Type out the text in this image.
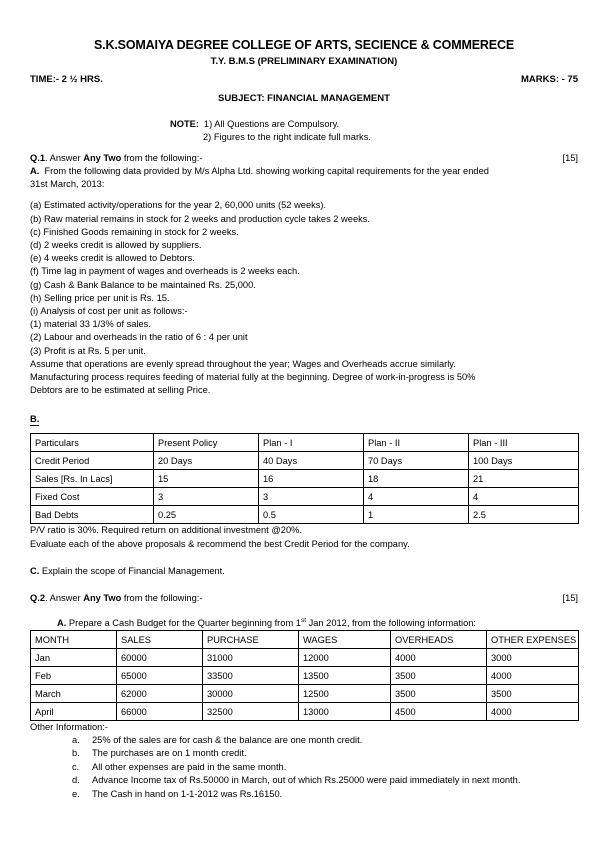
S.K.SOMAIYA DEGREE COLLEGE OF ARTS, SECIENCE & COMMERECE
T.Y. B.M.S (PRELIMINARY EXAMINATION)
TIME:- 2 ½ HRS.	MARKS: - 75
SUBJECT: FINANCIAL MANAGEMENT
NOTE: 1) All Questions are Compulsory.
2) Figures to the right indicate full marks.
Q.1. Answer Any Two from the following:-	[15]
A. From the following data provided by M/s Alpha Ltd. showing working capital requirements for the year ended
31st March, 2013:
(a) Estimated activity/operations for the year 2, 60,000 units (52 weeks).
(b) Raw material remains in stock for 2 weeks and production cycle takes 2 weeks.
(c) Finished Goods remaining in stock for 2 weeks.
(d) 2 weeks credit is allowed by suppliers.
(e) 4 weeks credit is allowed to Debtors.
(f) Time lag in payment of wages and overheads is 2 weeks each.
(g) Cash & Bank Balance to be maintained Rs. 25,000.
(h) Selling price per unit is Rs. 15.
(i) Analysis of cost per unit as follows:-
(1) material 33 1/3% of sales.
(2) Labour and overheads in the ratio of 6 : 4 per unit
(3) Profit is at Rs. 5 per unit.
Assume that operations are evenly spread throughout the year; Wages and Overheads accrue similarly.
Manufacturing process requires feeding of material fully at the beginning. Degree of work-in-progress is 50%
Debtors are to be estimated at selling Price.
B.
Particulars	Present Policy	Plan - I	Plan - II	Plan - III
Credit Period	20 Days	40 Days	70 Days	100 Days
Sales [Rs. In Lacs]	15	16	18	21
Fixed Cost	3	3	4	4
Bad Debts	0.25	0.5	1	2.5
P/V ratio is 30%. Required return on additional investment @20%.
Evaluate each of the above proposals & recommend the best Credit Period for the company.
C. Explain the scope of Financial Management.
Q.2. Answer Any Two from the following:-	[15]
A. Prepare a Cash Budget for the Quarter beginning from 1st Jan 2012, from the following information:
MONTH	SALES	PURCHASE	WAGES	OVERHEADS	OTHER EXPENSES
Jan	60000	31000	12000	4000	3000
Feb	65000	33500	13500	3500	4000
March	62000	30000	12500	3500	3500
April	66000	32500	13000	4500	4000
Other Information:-
a.	25% of the sales are for cash & the balance are one month credit.
b.	The purchases are on 1 month credit.
c.	All other expenses are paid in the same month.
d.	Advance Income tax of Rs.50000 in March, out of which Rs.25000 were paid immediately in next month.
e.	The Cash in hand on 1-1-2012 was Rs.16150.
